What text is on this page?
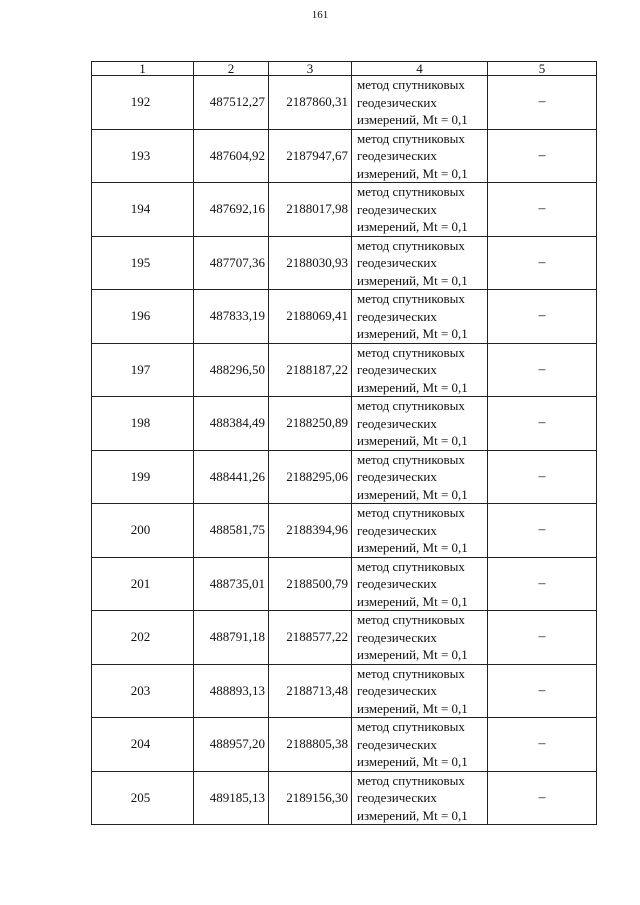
161
1	2	3	4	5
192	487512,27	2187860,31	метод спутниковых
геодезических
измерений, Mt = 0,1	–
193	487604,92	2187947,67	метод спутниковых
геодезических
измерений, Mt = 0,1	–
194	487692,16	2188017,98	метод спутниковых
геодезических
измерений, Mt = 0,1	–
195	487707,36	2188030,93	метод спутниковых
геодезических
измерений, Mt = 0,1	–
196	487833,19	2188069,41	метод спутниковых
геодезических
измерений, Mt = 0,1	–
197	488296,50	2188187,22	метод спутниковых
геодезических
измерений, Mt = 0,1	–
198	488384,49	2188250,89	метод спутниковых
геодезических
измерений, Mt = 0,1	–
199	488441,26	2188295,06	метод спутниковых
геодезических
измерений, Mt = 0,1	–
200	488581,75	2188394,96	метод спутниковых
геодезических
измерений, Mt = 0,1	–
201	488735,01	2188500,79	метод спутниковых
геодезических
измерений, Mt = 0,1	–
202	488791,18	2188577,22	метод спутниковых
геодезических
измерений, Mt = 0,1	–
203	488893,13	2188713,48	метод спутниковых
геодезических
измерений, Mt = 0,1	–
204	488957,20	2188805,38	метод спутниковых
геодезических
измерений, Mt = 0,1	–
205	489185,13	2189156,30	метод спутниковых
геодезических
измерений, Mt = 0,1	–
